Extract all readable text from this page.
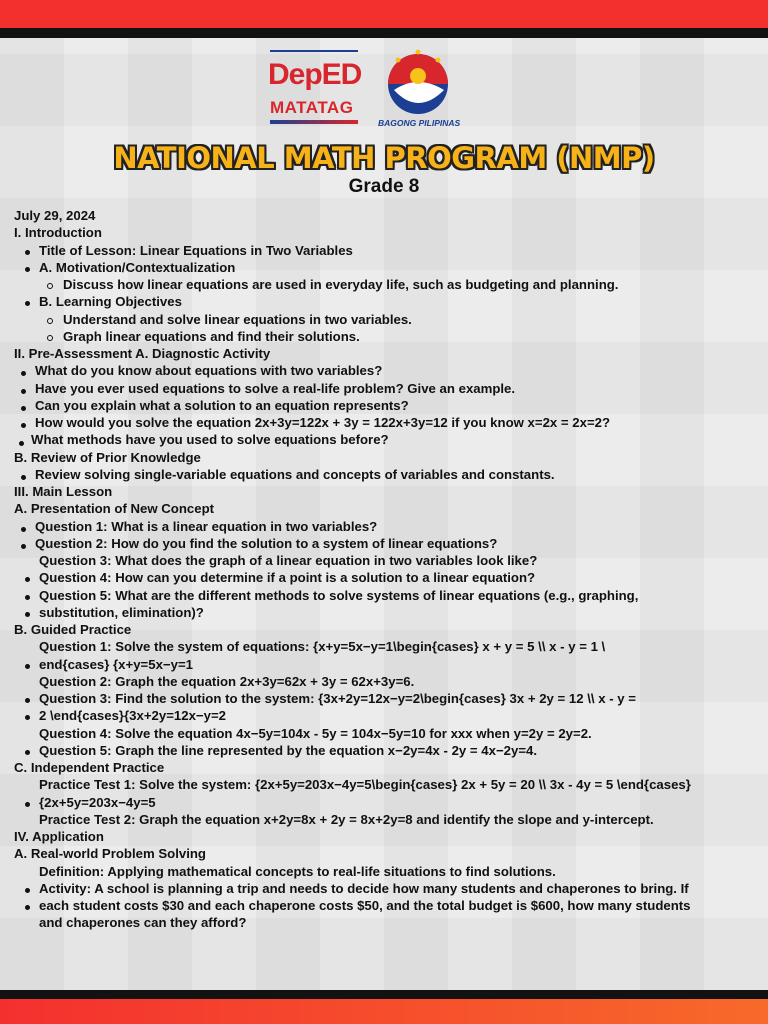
DepED
MATATAG
BAGONG PILIPINAS
NATIONAL MATH PROGRAM (NMP)
Grade 8
July 29, 2024
I. Introduction
Title of Lesson: Linear Equations in Two Variables
A. Motivation/Contextualization
Discuss how linear equations are used in everyday life, such as budgeting and planning.
B. Learning Objectives
Understand and solve linear equations in two variables.
Graph linear equations and find their solutions.
II. Pre-Assessment A. Diagnostic Activity
What do you know about equations with two variables?
Have you ever used equations to solve a real-life problem? Give an example.
Can you explain what a solution to an equation represents?
How would you solve the equation 2x+3y=122x + 3y = 122x+3y=12 if you know x=2x = 2x=2?
What methods have you used to solve equations before?
B. Review of Prior Knowledge
Review solving single-variable equations and concepts of variables and constants.
III. Main Lesson
A. Presentation of New Concept
Question 1: What is a linear equation in two variables?
Question 2: How do you find the solution to a system of linear equations?
Question 3: What does the graph of a linear equation in two variables look like?
Question 4: How can you determine if a point is a solution to a linear equation?
Question 5: What are the different methods to solve systems of linear equations (e.g., graphing,
substitution, elimination)?
B. Guided Practice
Question 1: Solve the system of equations: {x+y=5x−y=1\begin{cases} x + y = 5 \\ x - y = 1 \
end{cases} {x+y=5x−y=1
Question 2: Graph the equation 2x+3y=62x + 3y = 62x+3y=6.
Question 3: Find the solution to the system: {3x+2y=12x−y=2\begin{cases} 3x + 2y = 12 \\ x - y =
2 \end{cases}{3x+2y=12x−y=2
Question 4: Solve the equation 4x−5y=104x - 5y = 104x−5y=10 for xxx when y=2y = 2y=2.
Question 5: Graph the line represented by the equation x−2y=4x - 2y = 4x−2y=4.
C. Independent Practice
Practice Test 1: Solve the system: {2x+5y=203x−4y=5\begin{cases} 2x + 5y = 20 \\ 3x - 4y = 5 \end{cases}
{2x+5y=203x−4y=5
Practice Test 2: Graph the equation x+2y=8x + 2y = 8x+2y=8 and identify the slope and y-intercept.
IV. Application
A. Real-world Problem Solving
Definition: Applying mathematical concepts to real-life situations to find solutions.
Activity: A school is planning a trip and needs to decide how many students and chaperones to bring. If
each student costs $30 and each chaperone costs $50, and the total budget is $600, how many students
and chaperones can they afford?
